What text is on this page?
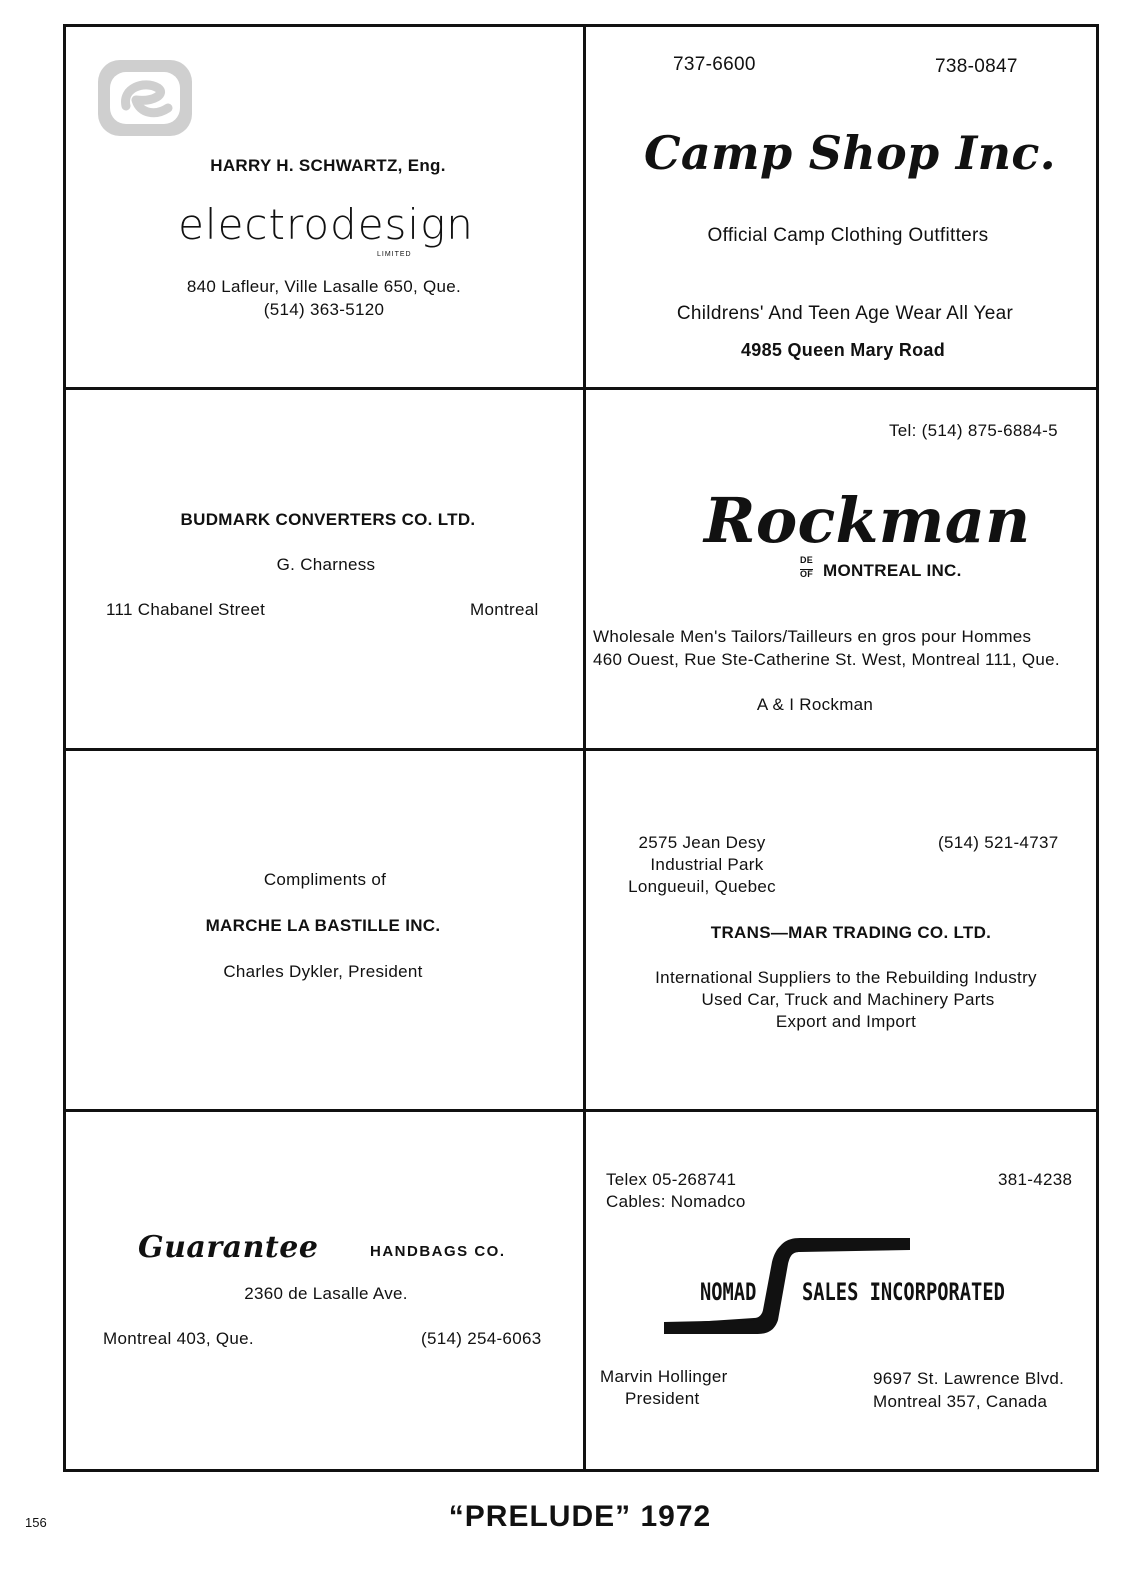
HARRY H. SCHWARTZ, Eng.
electrodesign
LIMITED
840 Lafleur, Ville Lasalle 650, Que.
(514) 363-5120
737-6600	738-0847
Camp Shop Inc.
Official Camp Clothing Outfitters
Childrens' And Teen Age Wear All Year
4985 Queen Mary Road
BUDMARK CONVERTERS CO. LTD.
G. Charness
111 Chabanel Street	Montreal
Tel: (514) 875-6884-5
Rockman
DE
OF MONTREAL INC.
Wholesale Men's Tailors/Tailleurs en gros pour Hommes
460 Ouest, Rue Ste-Catherine St. West, Montreal 111, Que.
A & I Rockman
Compliments of
MARCHE LA BASTILLE INC.
Charles Dykler, President
2575 Jean Desy
Industrial Park
Longueuil, Quebec
(514) 521-4737
TRANS—MAR TRADING CO. LTD.
International Suppliers to the Rebuilding Industry
Used Car, Truck and Machinery Parts
Export and Import
Guarantee	HANDBAGS CO.
2360 de Lasalle Ave.
Montreal 403, Que.	(514) 254-6063
Telex 05-268741
Cables: Nomadco
381-4238
NOMAD SALES INCORPORATED
Marvin Hollinger
President
9697 St. Lawrence Blvd.
Montreal 357, Canada
156	“PRELUDE” 1972
